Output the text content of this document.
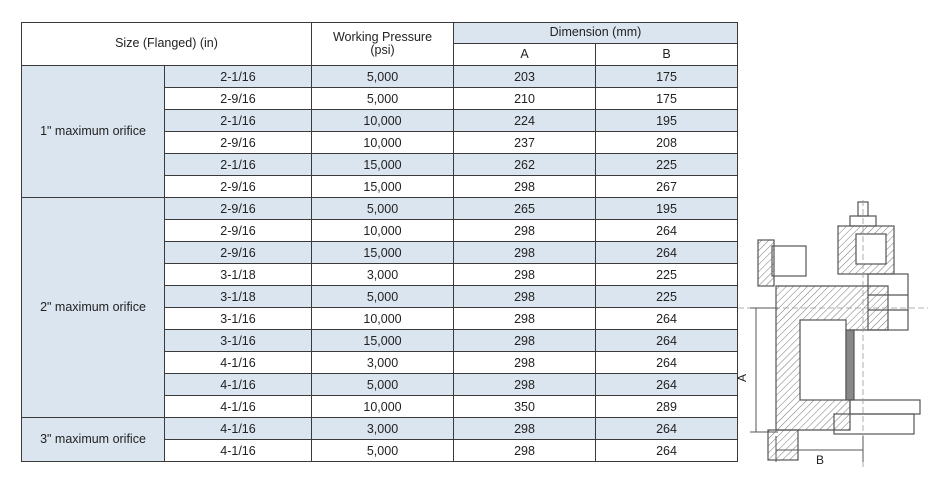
Size (Flanged) (in)		Working Pressure
(psi)	Dimension (mm)	
			A	B
1" maximum orifice	2-1/16	5,000	203	175
	2-9/16	5,000	210	175
	2-1/16	10,000	224	195
	2-9/16	10,000	237	208
	2-1/16	15,000	262	225
	2-9/16	15,000	298	267
2" maximum orifice	2-9/16	5,000	265	195
	2-9/16	10,000	298	264
	2-9/16	15,000	298	264
	3-1/18	3,000	298	225
	3-1/18	5,000	298	225
	3-1/16	10,000	298	264
	3-1/16	15,000	298	264
	4-1/16	3,000	298	264
	4-1/16	5,000	298	264
	4-1/16	10,000	350	289
3" maximum orifice	4-1/16	3,000	298	264
	4-1/16	5,000	298	264
A
B
